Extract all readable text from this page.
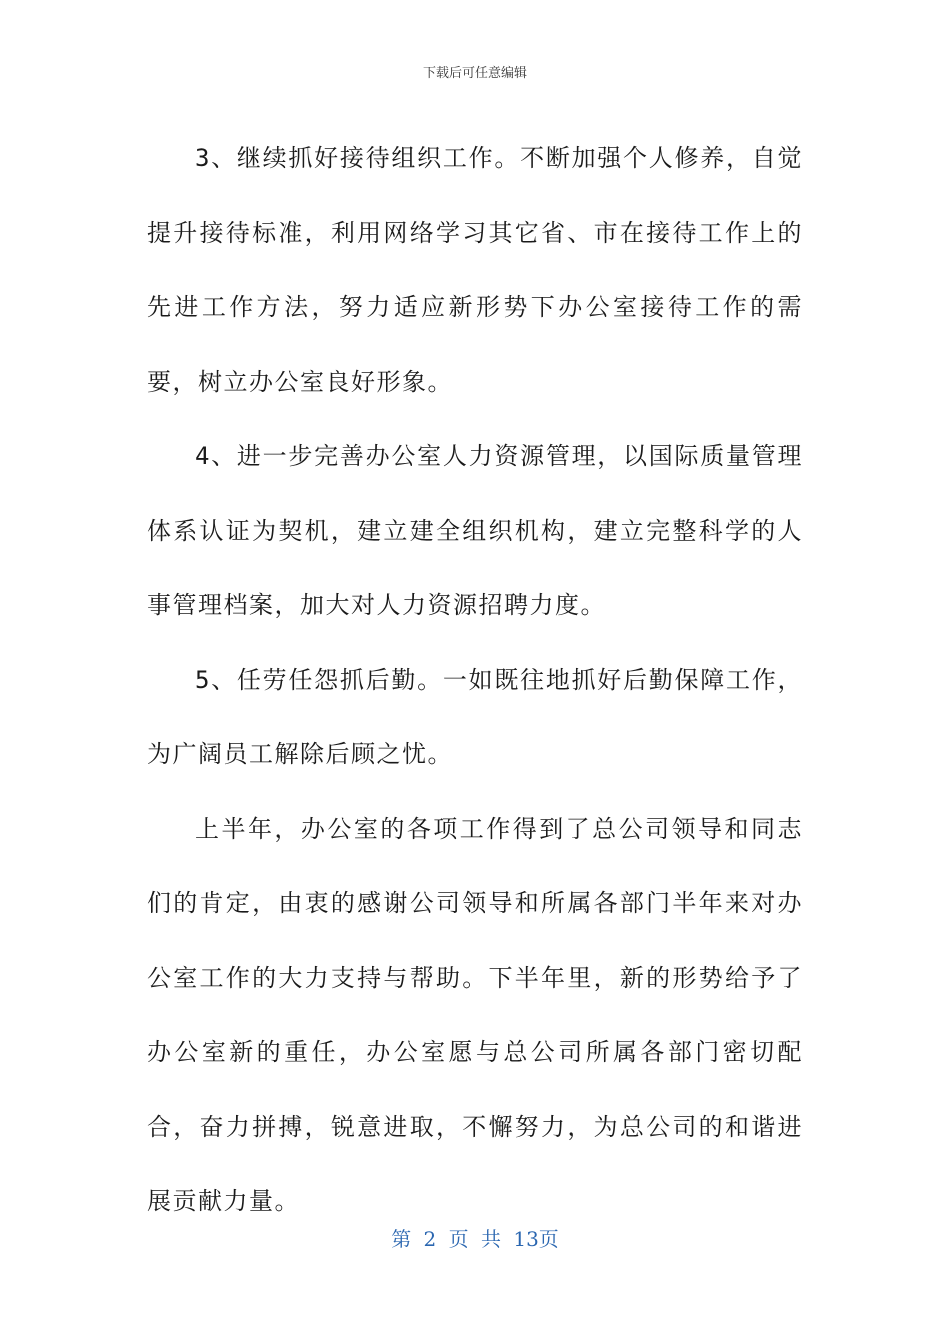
下载后可任意编辑

3、继续抓好接待组织工作。不断加强个人修养，自觉提升接待标准，利用网络学习其它省、市在接待工作上的先进工作方法，努力适应新形势下办公室接待工作的需要，树立办公室良好形象。

4、进一步完善办公室人力资源管理，以国际质量管理体系认证为契机，建立建全组织机构，建立完整科学的人事管理档案，加大对人力资源招聘力度。

5、任劳任怨抓后勤。一如既往地抓好后勤保障工作，为广阔员工解除后顾之忧。

上半年，办公室的各项工作得到了总公司领导和同志们的肯定，由衷的感谢公司领导和所属各部门半年来对办公室工作的大力支持与帮助。下半年里，新的形势给予了办公室新的重任，办公室愿与总公司所属各部门密切配合，奋力拼搏，锐意进取，不懈努力，为总公司的和谐进展贡献力量。

第 2 页 共 13页
